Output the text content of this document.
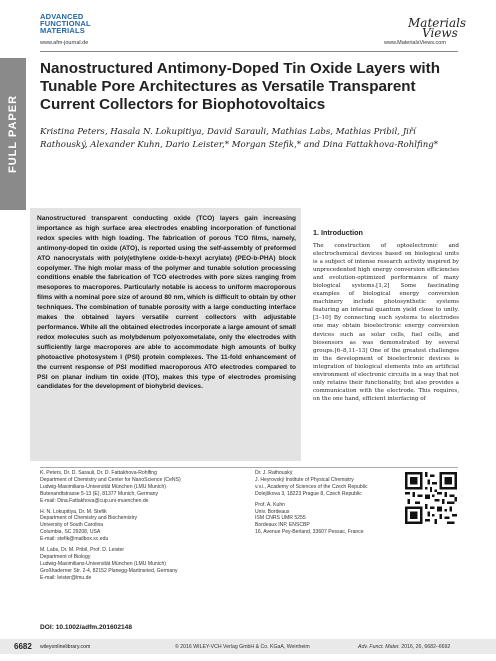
ADVANCED
FUNCTIONAL
MATERIALS
www.afm-journal.de
Materials
Views
www.MaterialsViews.com
FULL PAPER
Nanostructured Antimony-Doped Tin Oxide Layers with Tunable Pore Architectures as Versatile Transparent Current Collectors for Biophotovoltaics
Kristina Peters, Hasala N. Lokupitiya, David Sarauli, Mathias Labs, Mathias Pribil, Jiří Rathouský, Alexander Kuhn, Dario Leister,* Morgan Stefik,* and Dina Fattakhova-Rohlfing*
Nanostructured transparent conducting oxide (TCO) layers gain increasing importance as high surface area electrodes enabling incorporation of functional redox species with high loading. The fabrication of porous TCO films, namely, antimony-doped tin oxide (ATO), is reported using the self-assembly of preformed ATO nanocrystals with poly(ethylene oxide-b-hexyl acrylate) (PEO-b-PHA) block copolymer. The high molar mass of the polymer and tunable solution processing conditions enable the fabrication of TCO electrodes with pore sizes ranging from mesopores to macropores. Particularly notable is access to uniform macroporous films with a nominal pore size of around 80 nm, which is difficult to obtain by other techniques. The combination of tunable porosity with a large conducting interface makes the obtained layers versatile current collectors with adjustable performance. While all the obtained electrodes incorporate a large amount of small redox molecules such as molybdenum polyoxometalate, only the electrodes with sufficiently large macropores are able to accommodate high amounts of bulky photoactive photosystem I (PSI) protein complexes. The 11-fold enhancement of the current response of PSI modified macroporous ATO electrodes compared to PSI on planar indium tin oxide (ITO), makes this type of electrodes promising candidates for the development of biohybrid devices.
1. Introduction
The construction of optoelectronic and electrochemical devices based on biological units is a subject of intense research activity inspired by unprecedented high energy conversion efficiencies and evolution-optimized performance of many biological systems.[1,2] Some fascinating examples of biological energy conversion machinery include photosynthetic systems featuring an internal quantum yield close to unity.[3–10] By connecting such systems to electrodes one may obtain bioelectronic energy conversion devices such as solar cells, fuel cells, and biosensors as was demonstrated by several groups.[6–8,11–13] One of the greatest challenges in the development of bioelectronic devices is integration of biological elements into an artificial environment of electronic circuits in a way that not only retains their functionality, but also provides a communication with the electrode. This requires, on the one hand, efficient interfacing of
K. Peters, Dr. D. Sarauli, Dr. D. Fattakhova-Rohlfing
Department of Chemistry and Center for NanoScience (CeNS)
Ludwig-Maximilians-Universität München (LMU Munich)
Butenandtstrasse 5-13 (E), 81377 Munich, Germany
E-mail: Dina.Fattakhova@cup.uni-muenchen.de
H. N. Lokupitiya, Dr. M. Stefik
Department of Chemistry and Biochemistry
University of South Carolina
Columbia, SC 29208, USA
E-mail: stefik@mailbox.sc.edu
M. Labs, Dr. M. Pribil, Prof. D. Leister
Department of Biology
Ludwig-Maximilians-Universität München (LMU Munich)
Großhaderner Str. 2-4, 82152 Planegg-Martinsried, Germany
E-mail: leister@lmu.de
Dr. J. Rathouský
J. Heyrovský Institute of Physical Chemistry
v.v.i., Academy of Sciences of the Czech Republic
Dolejškova 3, 18223 Prague 8, Czech Republic
Prof. A. Kuhn
Univ. Bordeaux
ISM CNRS UMR 5255
Bordeaux INP, ENSCBP
16, Avenue Pey-Berland, 33607 Pessac, France
DOI: 10.1002/adfm.201602148
6682 wileyonlinelibrary.com	© 2016 WILEY-VCH Verlag GmbH & Co. KGaA, Weinheim	Adv. Funct. Mater. 2016, 26, 6682–6692
